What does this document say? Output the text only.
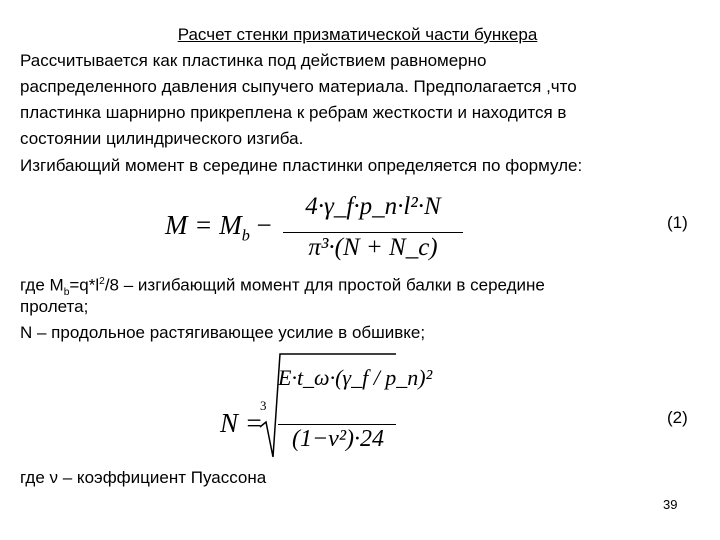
Расчет стенки призматической части бункера
Рассчитывается как пластинка под действием равномерно
распределенного давления сыпучего материала. Предполагается ,что
пластинка шарнирно прикреплена к ребрам жесткости и находится в
состоянии цилиндрического изгиба.
Изгибающий момент в середине пластинки определяется по формуле:
$M = M_b$ −
4·γ_f·p_n·l²·N
π³·(N + N_c)
(1)
где $M_b=q*l^2/8$ – изгибающий момент для простой балки в середине
пролета;
N – продольное растягивающее усилие в обшивке;
N =
3
E·t_ω·(γ_f / p_n)²
(1−ν²)·24
(2)
где ν – коэффициент Пуассона
39
